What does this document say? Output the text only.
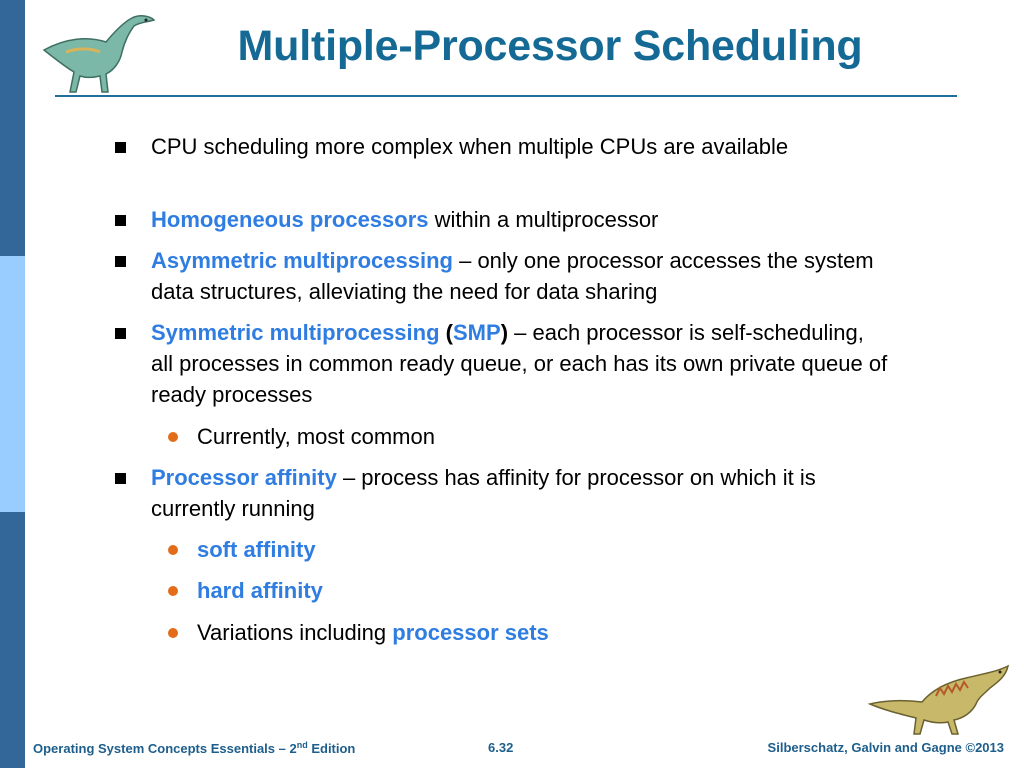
Multiple-Processor Scheduling
CPU scheduling more complex when multiple CPUs are available
Homogeneous processors within a multiprocessor
Asymmetric multiprocessing – only one processor accesses the system data structures, alleviating the need for data sharing
Symmetric multiprocessing (SMP) – each processor is self-scheduling, all processes in common ready queue, or each has its own private queue of ready processes
Currently, most common
Processor affinity – process has affinity for processor on which it is currently running
soft affinity
hard affinity
Variations including processor sets
Operating System Concepts Essentials – 2nd Edition	6.32	Silberschatz, Galvin and Gagne ©2013
